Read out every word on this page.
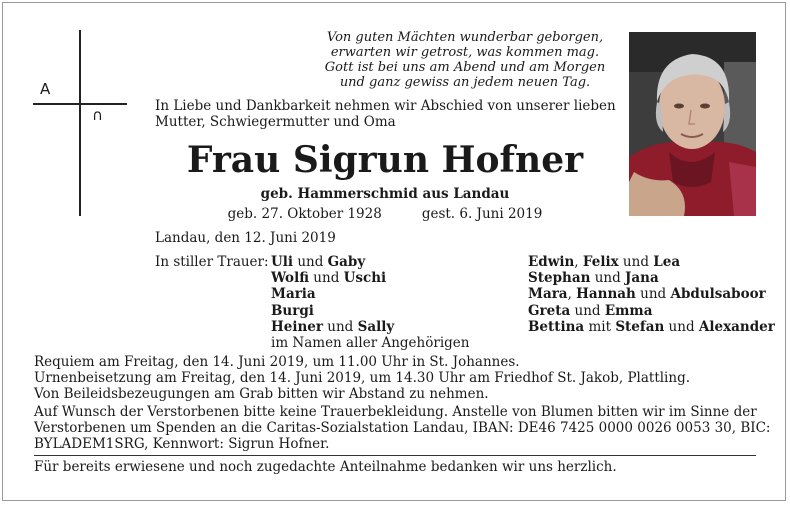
A
∩
Von guten Mächten wunderbar geborgen,
erwarten wir getrost, was kommen mag.
Gott ist bei uns am Abend und am Morgen
und ganz gewiss an jedem neuen Tag.
In Liebe und Dankbarkeit nehmen wir Abschied von unserer lieben
Mutter, Schwiegermutter und Oma
Frau Sigrun Hofner
geb. Hammerschmid aus Landau
geb. 27. Oktober 1928	gest. 6. Juni 2019
Landau, den 12. Juni 2019
In stiller Trauer: Uli und Gaby
Wolfi und Uschi
Maria
Burgi
Heiner und Sally
im Namen aller Angehörigen
Edwin, Felix und Lea
Stephan und Jana
Mara, Hannah und Abdulsaboor
Greta und Emma
Bettina mit Stefan und Alexander
Requiem am Freitag, den 14. Juni 2019, um 11.00 Uhr in St. Johannes.
Urnenbeisetzung am Freitag, den 14. Juni 2019, um 14.30 Uhr am Friedhof St. Jakob, Plattling.
Von Beileidsbezeugungen am Grab bitten wir Abstand zu nehmen.
Auf Wunsch der Verstorbenen bitte keine Trauerbekleidung. Anstelle von Blumen bitten wir im Sinne der
Verstorbenen um Spenden an die Caritas-Sozialstation Landau, IBAN: DE46 7425 0000 0026 0053 30, BIC:
BYLADEM1SRG, Kennwort: Sigrun Hofner.
Für bereits erwiesene und noch zugedachte Anteilnahme bedanken wir uns herzlich.
